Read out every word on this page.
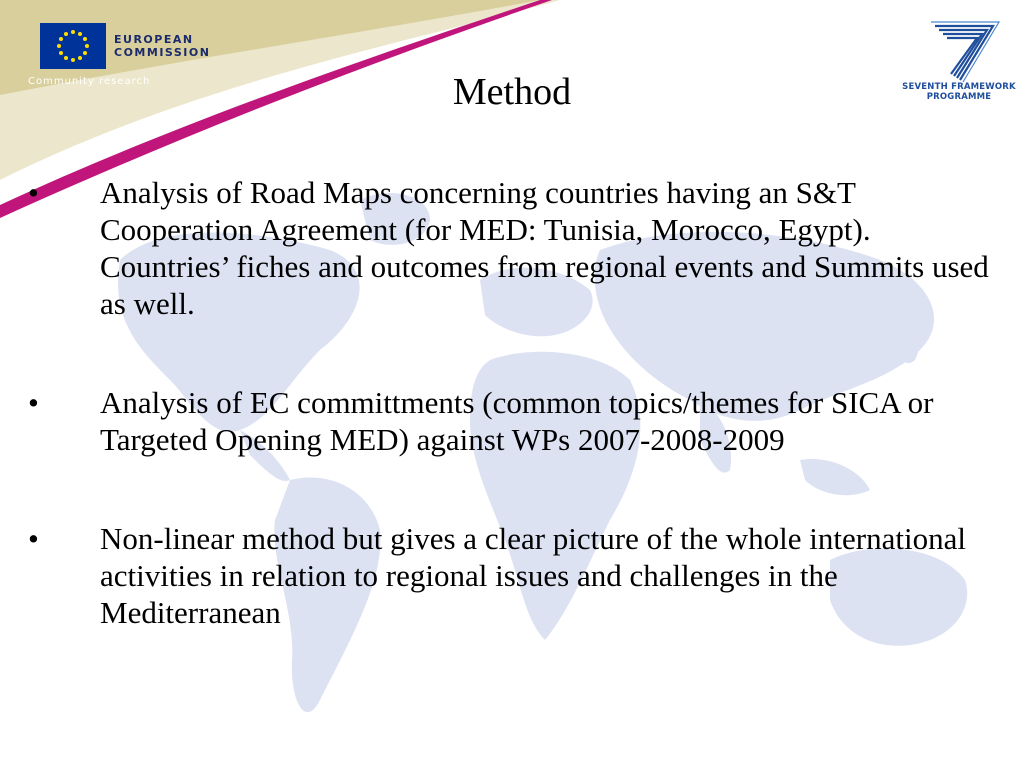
EUROPEAN
COMMISSION
Community research	SEVENTH FRAMEWORK
PROGRAMME
Method
• Analysis of Road Maps concerning countries having an S&T Cooperation Agreement (for MED: Tunisia, Morocco, Egypt). Countries’ fiches and outcomes from regional events and Summits used as well.
• Analysis of EC committments (common topics/themes for SICA or Targeted Opening MED) against WPs 2007-2008-2009
• Non-linear method but gives a clear picture of the whole international activities in relation to regional issues and challenges in the Mediterranean
